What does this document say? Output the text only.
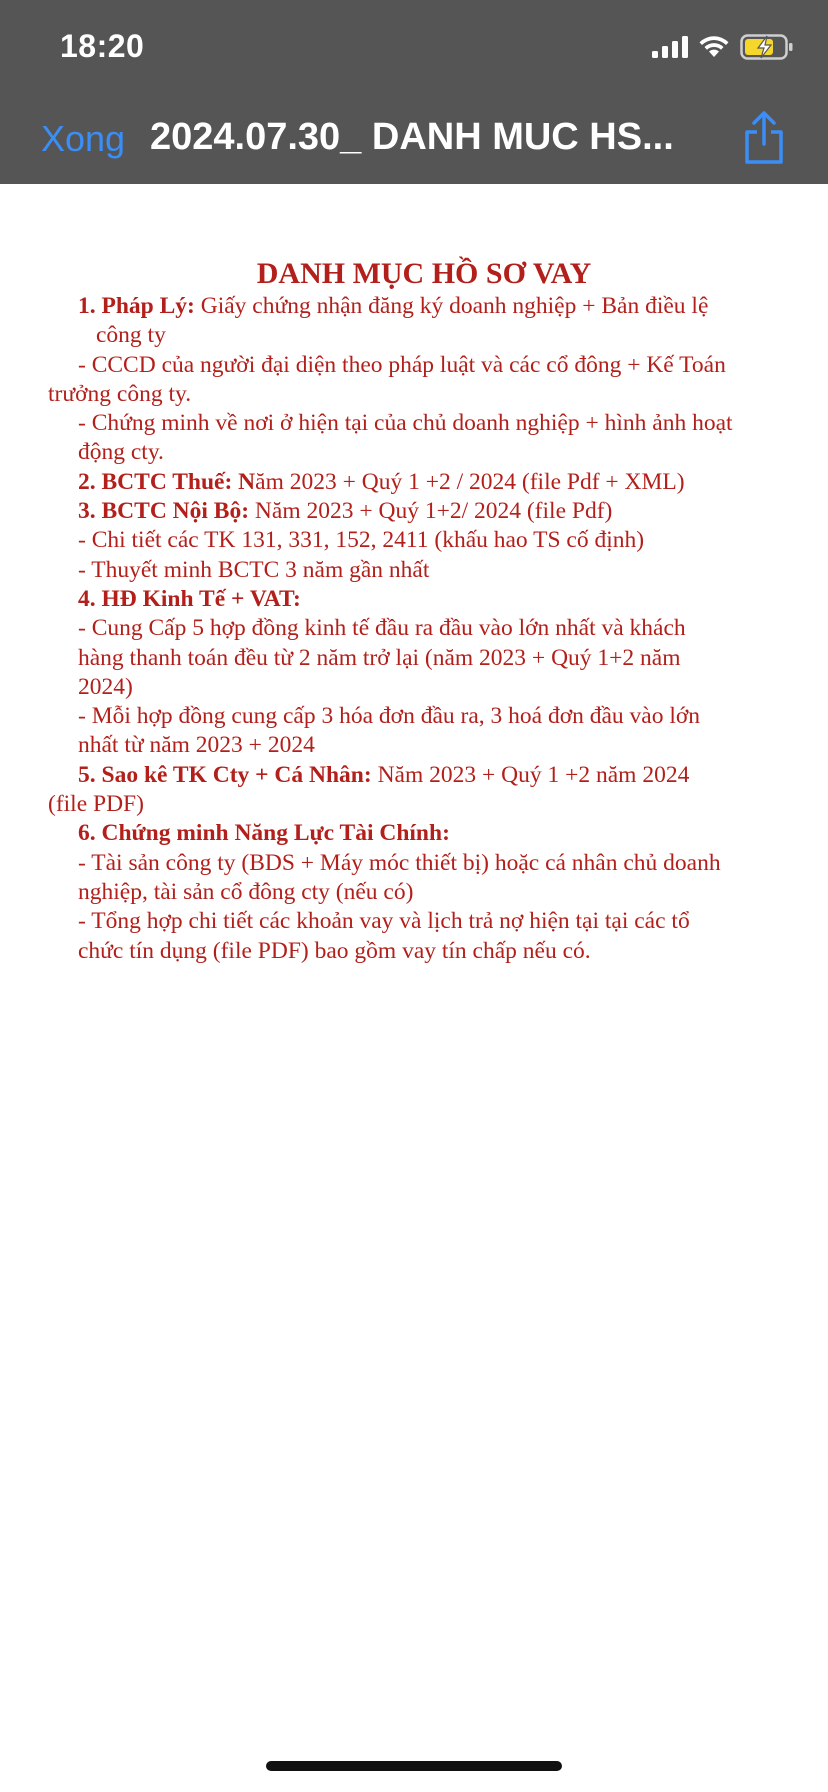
18:20
Xong 2024.07.30_ DANH MUC HS...
DANH MỤC HỒ SƠ VAY
1. Pháp Lý: Giấy chứng nhận đăng ký doanh nghiệp + Bản điều lệ
công ty
- CCCD của người đại diện theo pháp luật và các cổ đông + Kế Toán
trưởng công ty.
- Chứng minh về nơi ở hiện tại của chủ doanh nghiệp + hình ảnh hoạt
động cty.
2. BCTC Thuế: Năm 2023 + Quý 1 +2 / 2024 (file Pdf + XML)
3. BCTC Nội Bộ: Năm 2023 + Quý 1+2/ 2024 (file Pdf)
- Chi tiết các TK 131, 331, 152, 2411 (khấu hao TS cố định)
- Thuyết minh BCTC 3 năm gần nhất
4. HĐ Kinh Tế + VAT:
- Cung Cấp 5 hợp đồng kinh tế đầu ra đầu vào lớn nhất và khách
hàng thanh toán đều từ 2 năm trở lại (năm 2023 + Quý 1+2 năm
2024)
- Mỗi hợp đồng cung cấp 3 hóa đơn đầu ra, 3 hoá đơn đầu vào lớn
nhất từ năm 2023 + 2024
5. Sao kê TK Cty + Cá Nhân: Năm 2023 + Quý 1 +2 năm 2024
(file PDF)
6. Chứng minh Năng Lực Tài Chính:
- Tài sản công ty (BDS + Máy móc thiết bị) hoặc cá nhân chủ doanh
nghiệp, tài sản cổ đông cty (nếu có)
- Tổng hợp chi tiết các khoản vay và lịch trả nợ hiện tại tại các tổ
chức tín dụng (file PDF) bao gồm vay tín chấp nếu có.
